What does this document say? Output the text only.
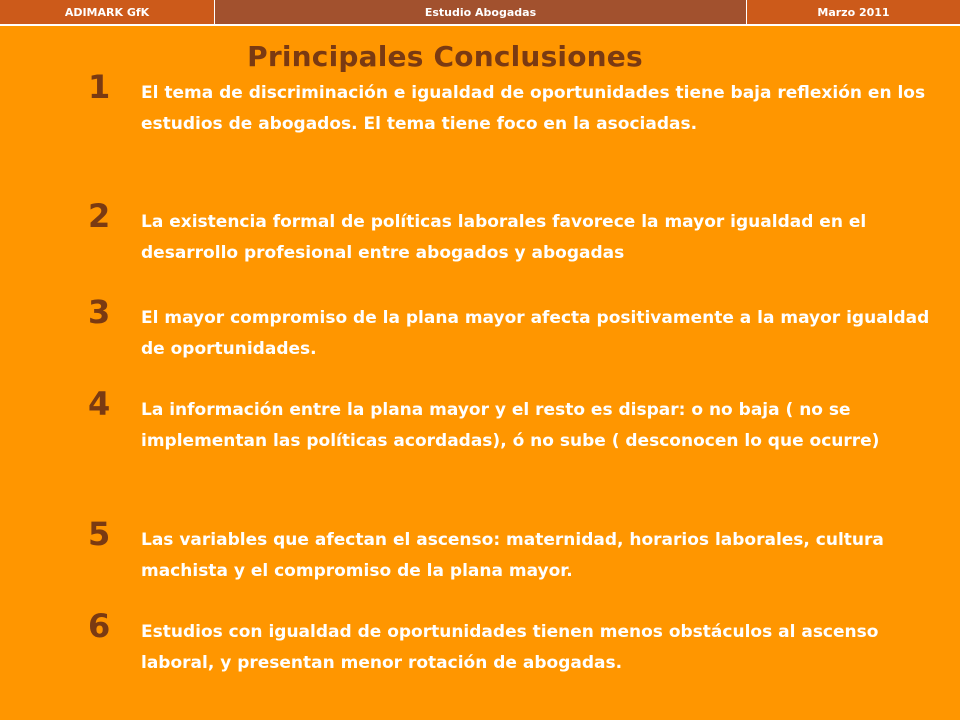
ADIMARK GfK	Estudio Abogadas	Marzo 2011
Principales Conclusiones
1	El tema de discriminación e igualdad de oportunidades tiene baja reflexión en los estudios de abogados. El tema tiene foco en la asociadas.
2	La existencia formal de políticas laborales favorece la mayor igualdad en el desarrollo profesional entre abogados y abogadas
3	El mayor compromiso de la plana mayor afecta positivamente a la mayor igualdad de oportunidades.
4	La información entre la plana mayor y el resto es dispar: o no baja ( no se implementan las políticas acordadas), ó no sube ( desconocen lo que ocurre)
5	Las variables que afectan el ascenso: maternidad, horarios laborales, cultura machista y el compromiso de la plana mayor.
6	Estudios con igualdad de oportunidades tienen menos obstáculos al ascenso laboral, y presentan menor rotación de abogadas.
